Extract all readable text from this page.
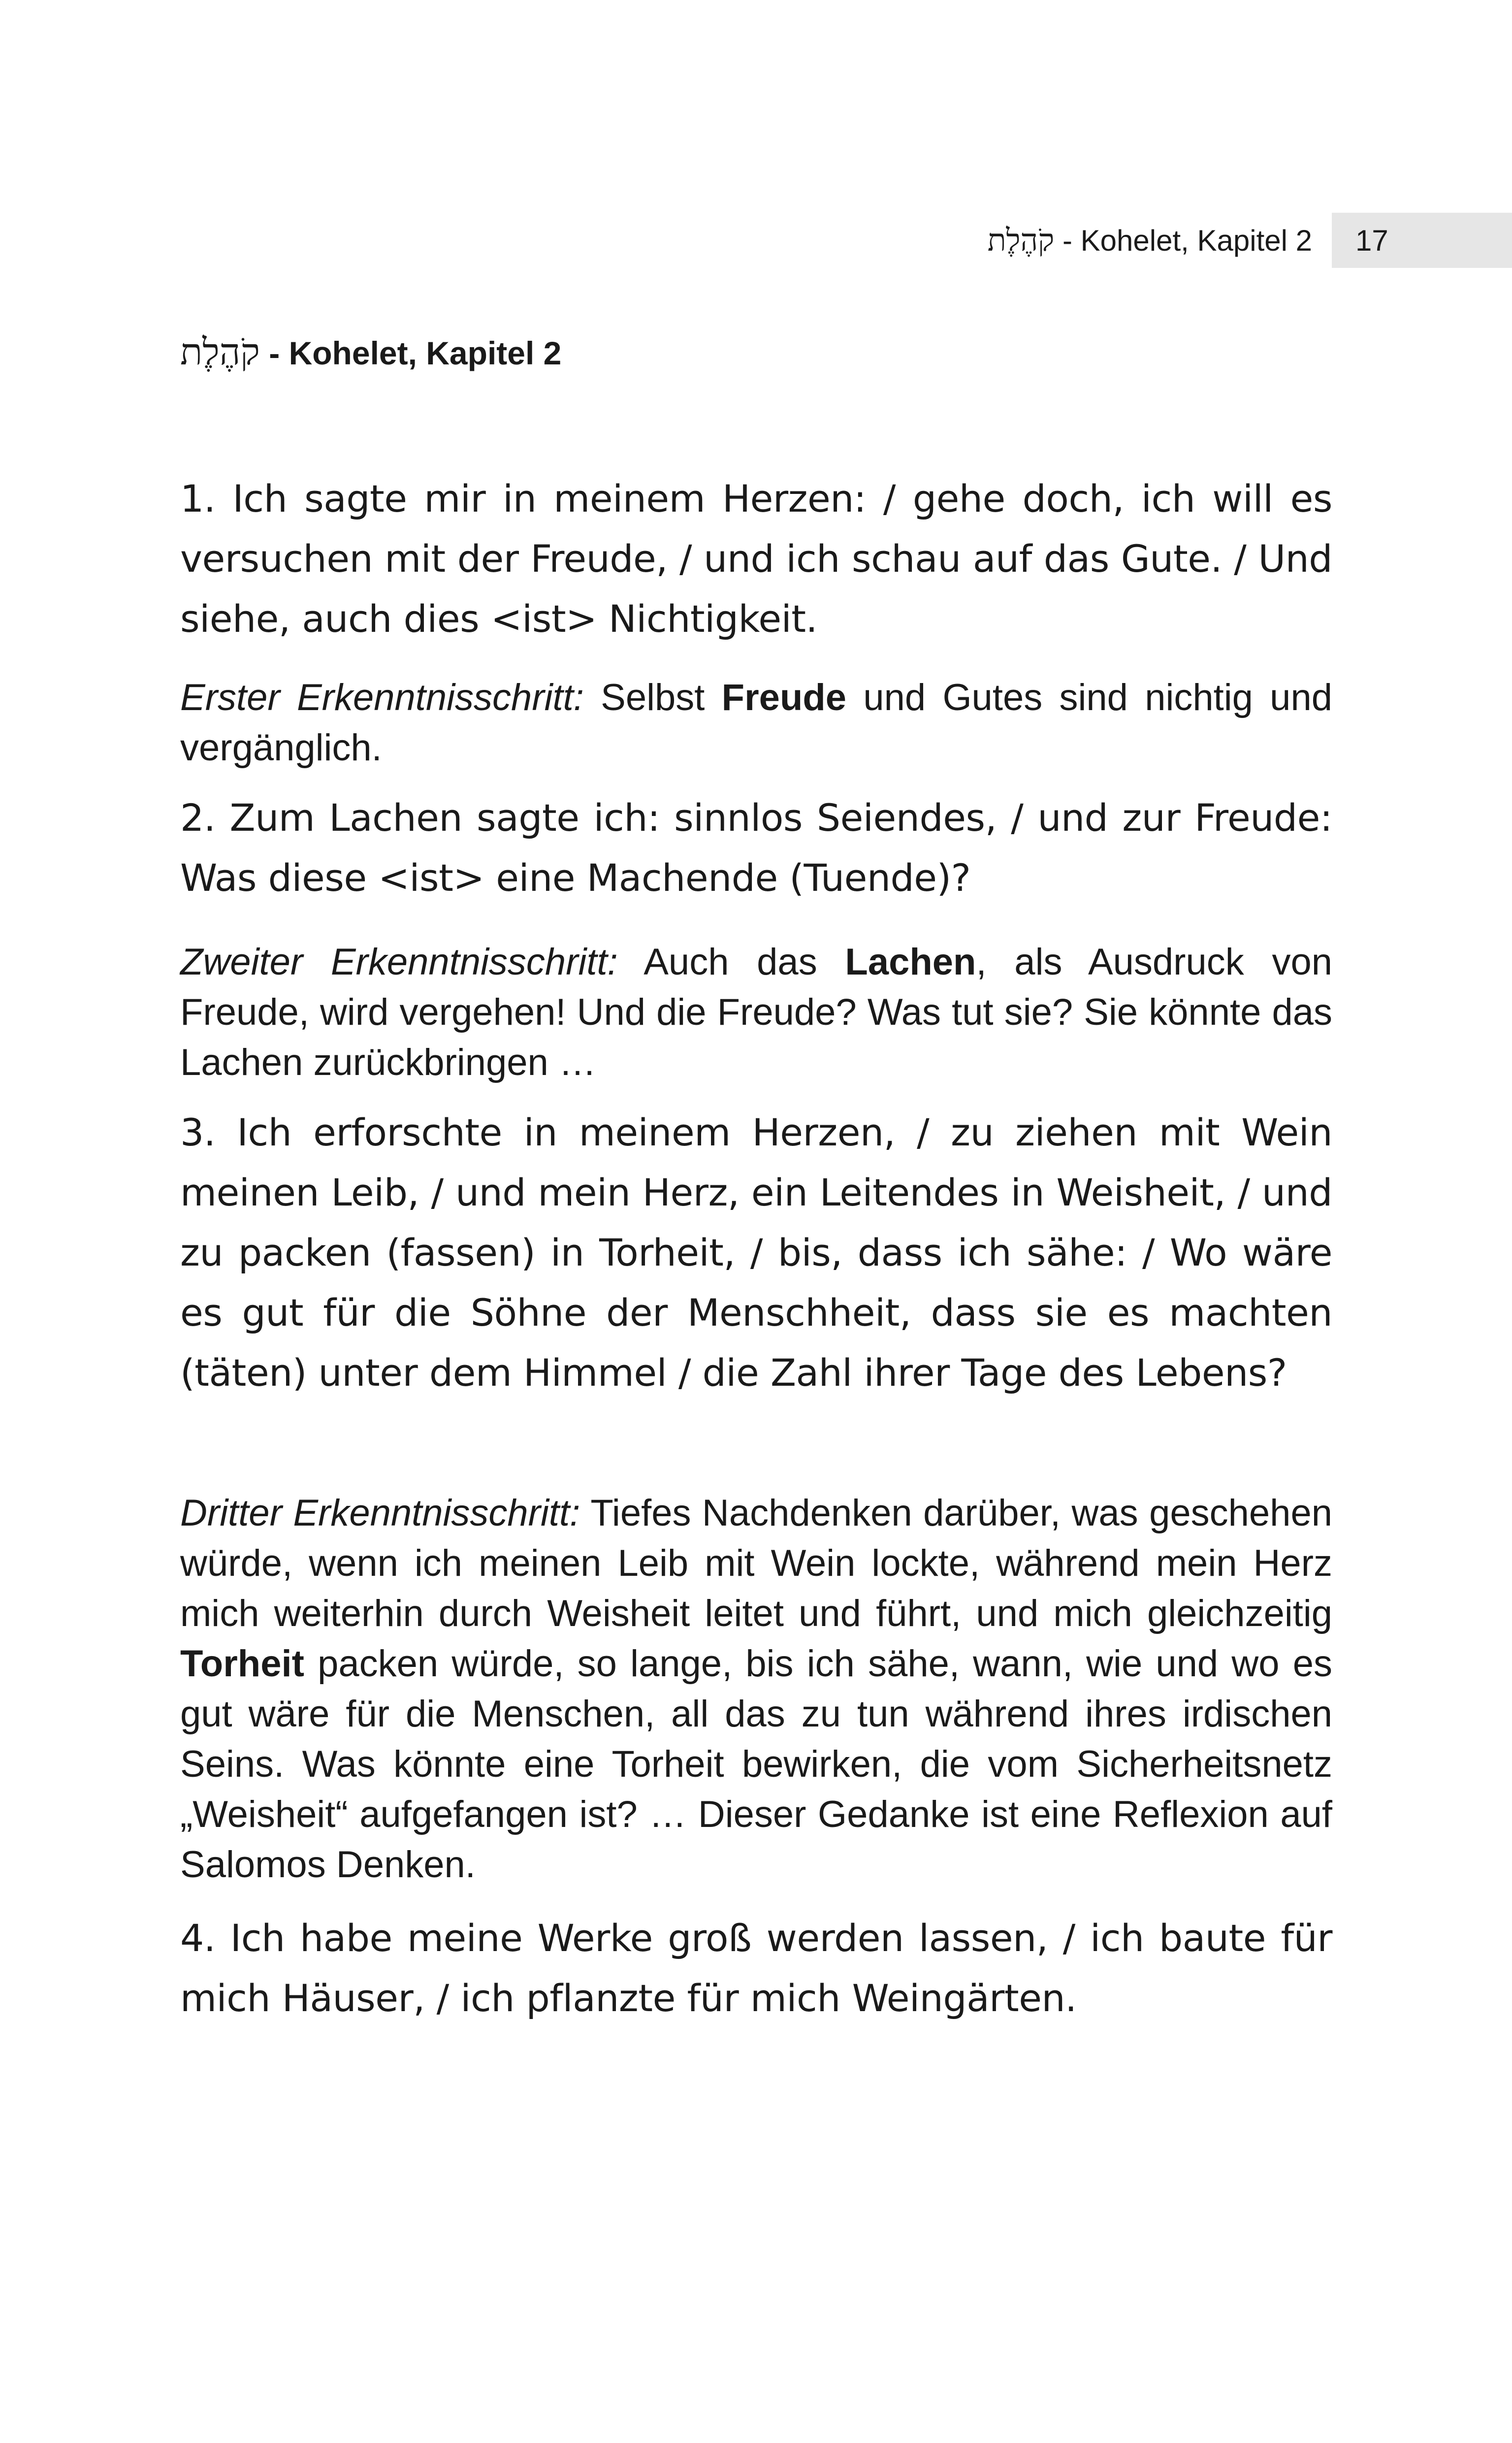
קֹהֶלֶת - Kohelet, Kapitel 2	17
קֹהֶלֶת - Kohelet, Kapitel 2

1. Ich sagte mir in meinem Herzen: / gehe doch, ich will es versuchen mit der Freude, / und ich schau auf das Gute. / Und siehe, auch dies <ist> Nichtigkeit.

Erster Erkenntnisschritt: Selbst Freude und Gutes sind nichtig und vergänglich.

2. Zum Lachen sagte ich: sinnlos Seiendes, / und zur Freude: Was diese <ist> eine Machende (Tuende)?

Zweiter Erkenntnisschritt: Auch das Lachen, als Ausdruck von Freude, wird vergehen! Und die Freude? Was tut sie? Sie könnte das Lachen zurückbringen …

3. Ich erforschte in meinem Herzen, / zu ziehen mit Wein meinen Leib, / und mein Herz, ein Leitendes in Weisheit, / und zu packen (fassen) in Torheit, / bis, dass ich sähe: / Wo wäre es gut für die Söhne der Menschheit, dass sie es machten (täten) unter dem Himmel / die Zahl ihrer Tage des Lebens?

Dritter Erkenntnisschritt: Tiefes Nachdenken darüber, was geschehen würde, wenn ich meinen Leib mit Wein lockte, während mein Herz mich weiterhin durch Weisheit leitet und führt, und mich gleichzeitig Torheit packen würde, so lange, bis ich sähe, wann, wie und wo es gut wäre für die Menschen, all das zu tun während ihres irdischen Seins. Was könnte eine Torheit bewirken, die vom Sicherheitsnetz „Weisheit“ aufgefangen ist? … Dieser Gedanke ist eine Reflexion auf Salomos Denken.

4. Ich habe meine Werke groß werden lassen, / ich baute für mich Häuser, / ich pflanzte für mich Weingärten.
